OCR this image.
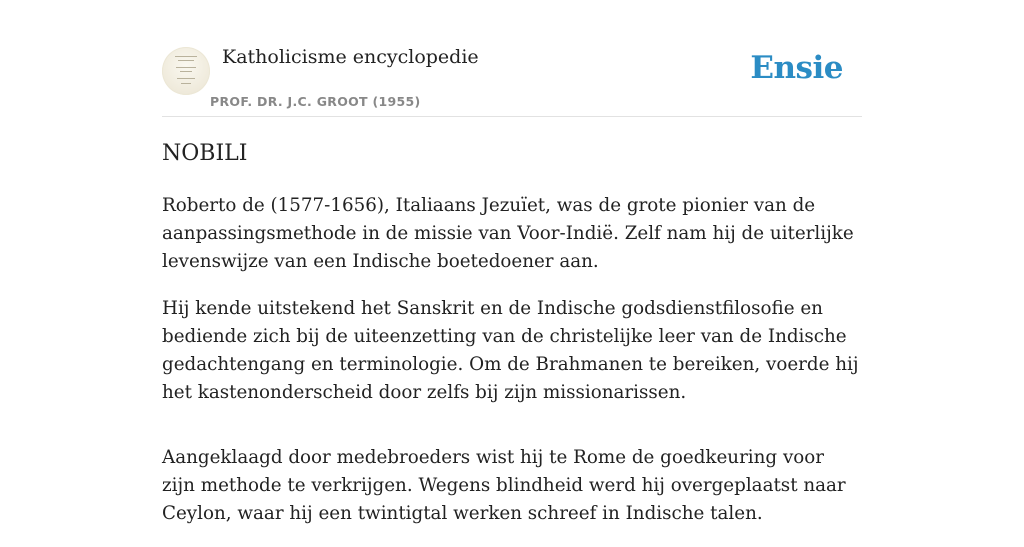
Katholicisme encyclopedie
PROF. DR. J.C. GROOT (1955)
Ensie
NOBILI

Roberto de (1577-1656), Italiaans Jezuïet, was de grote pionier van de aanpassingsmethode in de missie van Voor-Indië. Zelf nam hij de uiterlijke levenswijze van een Indische boetedoener aan.

Hij kende uitstekend het Sanskrit en de Indische godsdienstfilosofie en bediende zich bij de uiteenzetting van de christelijke leer van de Indische gedachtengang en terminologie. Om de Brahmanen te bereiken, voerde hij het kastenonderscheid door zelfs bij zijn missionarissen.

Aangeklaagd door medebroeders wist hij te Rome de goedkeuring voor zijn methode te verkrijgen. Wegens blindheid werd hij overgeplaatst naar Ceylon, waar hij een twintigtal werken schreef in Indische talen.
